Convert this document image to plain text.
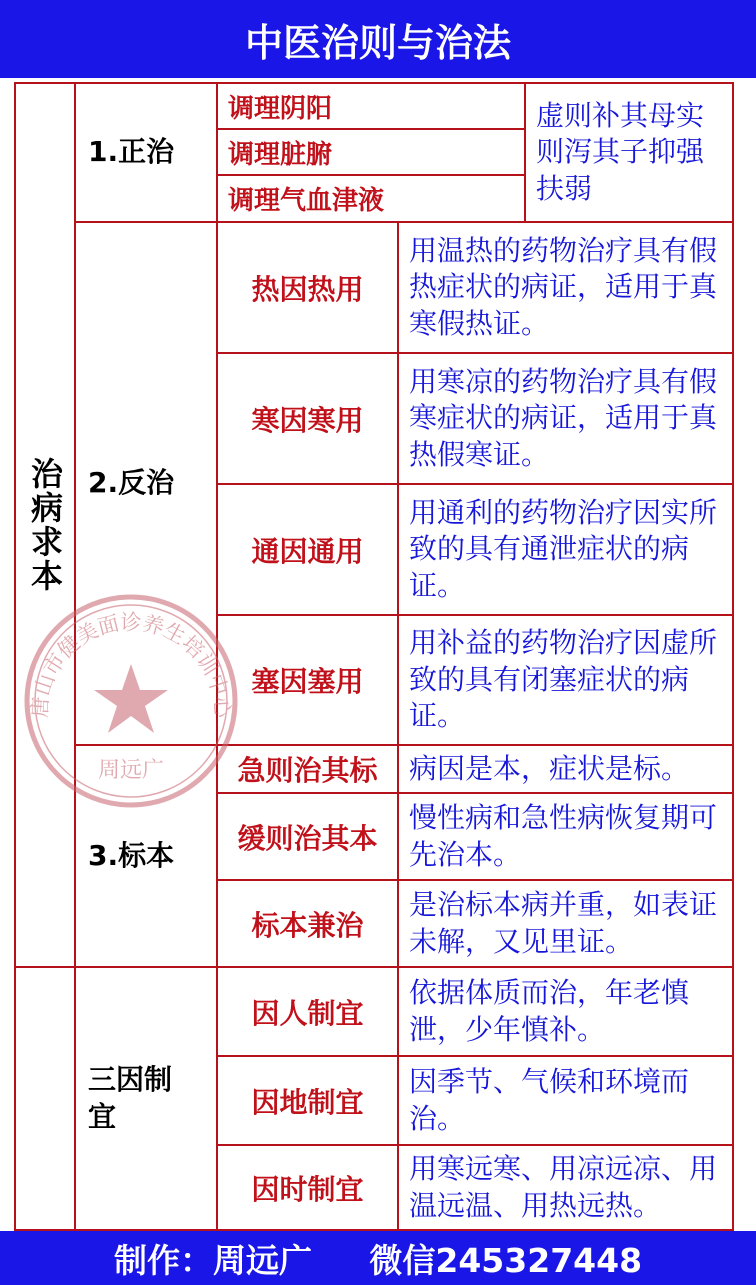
中医治则与治法
治病求本
1.正治
调理阴阳
调理脏腑
调理气血津液
虚则补其母实则泻其子抑强扶弱
2.反治
热因热用
用温热的药物治疗具有假热症状的病证，适用于真寒假热证。
寒因寒用
用寒凉的药物治疗具有假寒症状的病证，适用于真热假寒证。
通因通用
用通利的药物治疗因实所致的具有通泄症状的病证。
塞因塞用
用补益的药物治疗因虚所致的具有闭塞症状的病证。
3.标本
急则治其标	病因是本，症状是标。
缓则治其本
慢性病和急性病恢复期可先治本。
标本兼治
是治标本病并重，如表证未解，又见里证。
三因制宜
因人制宜
依据体质而治，年老慎泄，少年慎补。
因地制宜
因季节、气候和环境而治。
因时制宜
用寒远寒、用凉远凉、用温远温、用热远热。
唐山市健美面诊养生培训中心
周远广
制作：周远广     微信245327448
